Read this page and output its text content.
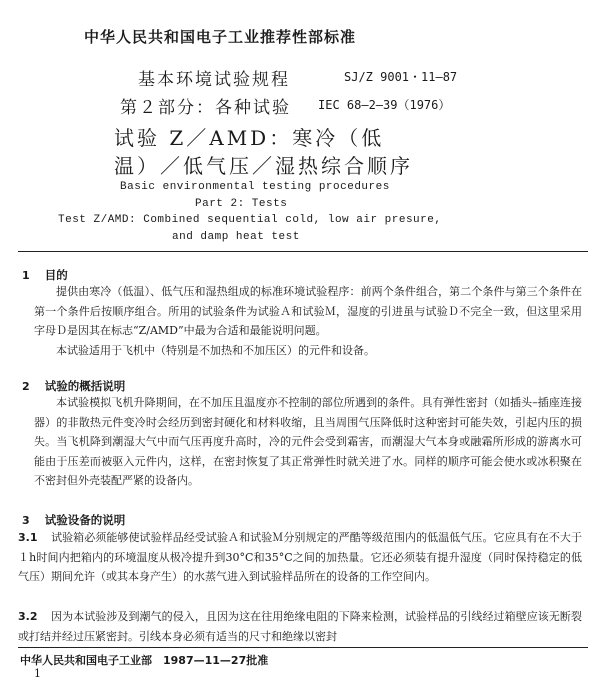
中华人民共和国电子工业推荐性部标准
基本环境试验规程	SJ/Z 9001・11—87
第２部分：各种试验 IEC 68—2—39（1976）
试验 Z／AMD：寒冷（低
温）／低气压／湿热综合顺序
Basic environmental testing procedures
Part 2: Tests
Test Z/AMD: Combined sequential cold, low air presure,
and damp heat test
1 目的
提供由寒冷（低温）、低气压和湿热组成的标准环境试验程序：前两个条件组合，第二个条件与第三个条件在第一个条件后按顺序组合。所用的试验条件为试验Ａ和试验Ｍ，湿度的引进虽与试验Ｄ不完全一致，但这里采用字母Ｄ是因其在标志“Z/AMD”中最为合适和最能说明问题。
本试验适用于飞机中（特别是不加热和不加压区）的元件和设备。
2 试验的概括说明
本试验模拟飞机升降期间，在不加压且温度亦不控制的部位所遇到的条件。具有弹性密封（如插头–插座连接器）的非散热元件变冷时会经历到密封硬化和材料收缩，且当周围气压降低时这种密封可能失效，引起内压的损失。当飞机降到潮湿大气中而气压再度升高时，冷的元件会受到霜害，而潮湿大气本身或融霜所形成的游离水可能由于压差而被驱入元件内，这样，在密封恢复了其正常弹性时就关进了水。同样的顺序可能会使水或冰积聚在不密封但外壳装配严紧的设备内。
3 试验设备的说明
3.1 试验箱必须能够使试验样品经受试验Ａ和试验Ｍ分别规定的严酷等级范围内的低温低气压。它应具有在不大于１h时间内把箱内的环境温度从极冷提升到30°C和35°C之间的加热量。它还必须装有提升湿度（同时保持稳定的低气压）期间允许（或其本身产生）的水蒸气进入到试验样品所在的设备的工作空间内。
3.2 因为本试验涉及到潮气的侵入，且因为这在往用绝缘电阻的下降来检测，试验样品的引线经过箱壁应该无断裂或打结并经过压紧密封。引线本身必须有适当的尺寸和绝缘以密封
中华人民共和国电子工业部　1987—11—27批准
1
